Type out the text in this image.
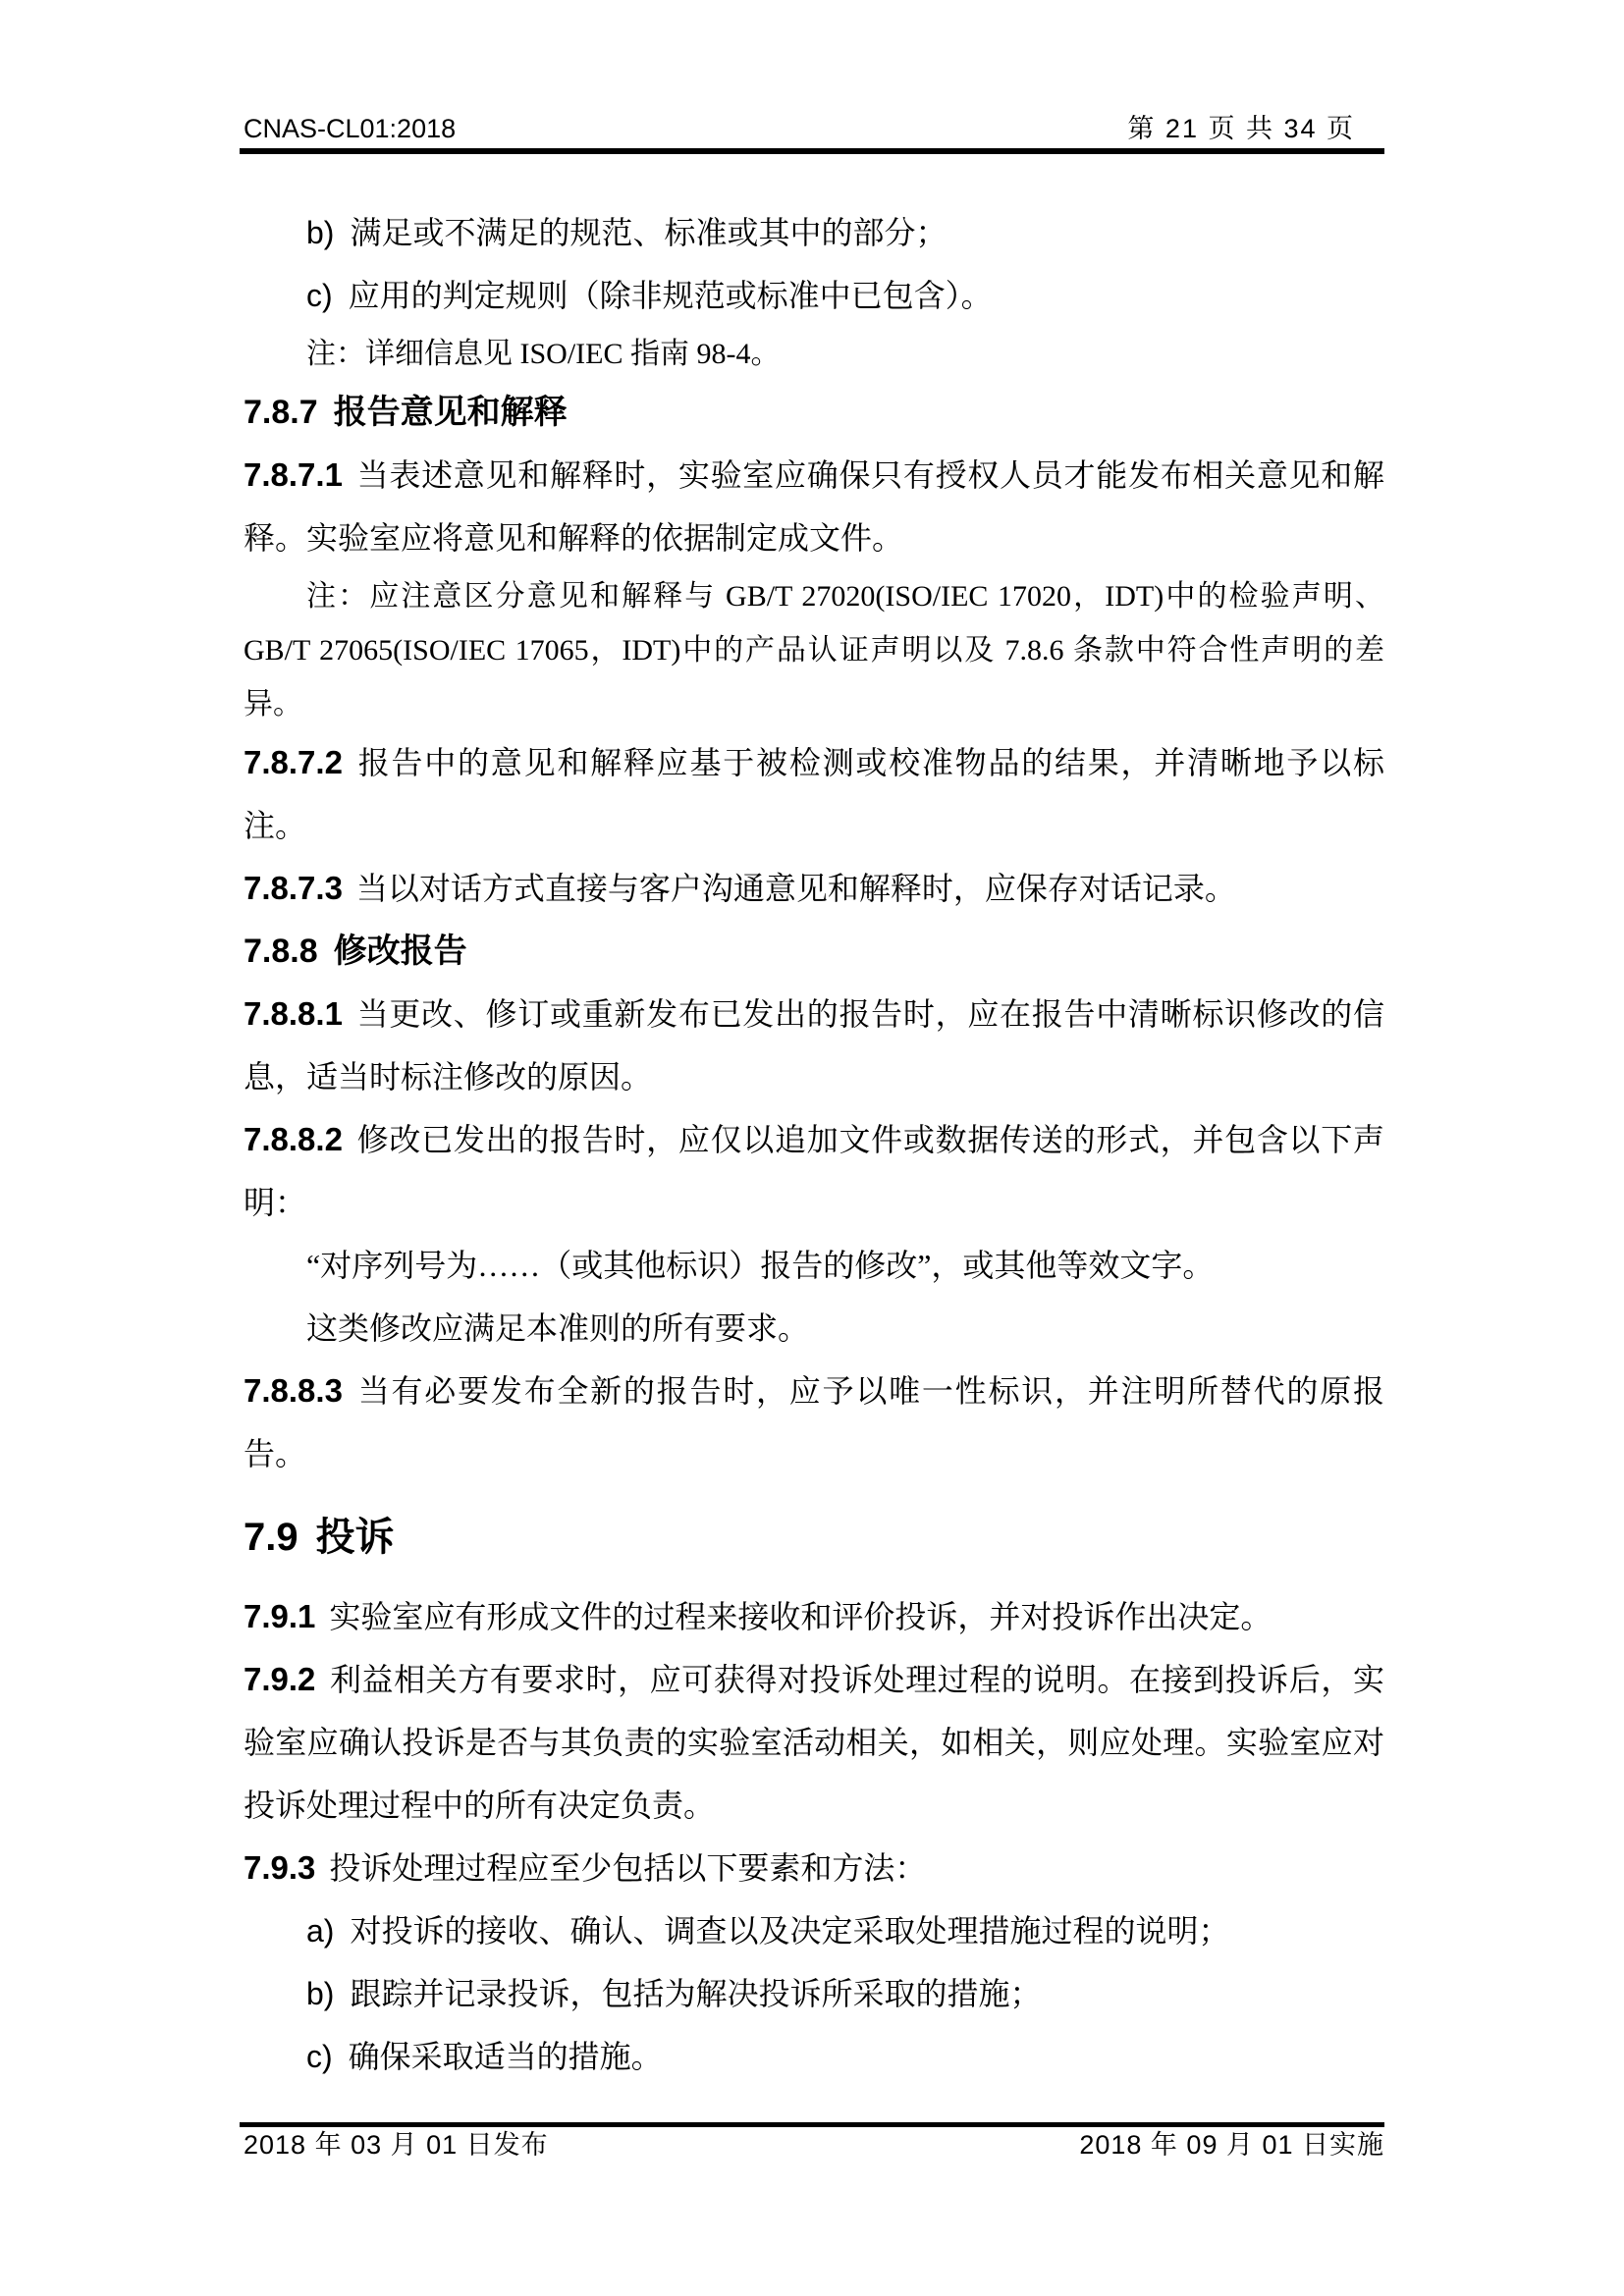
CNAS-CL01:2018	第 21 页 共 34 页
b) 满足或不满足的规范、标准或其中的部分；
c) 应用的判定规则（除非规范或标准中已包含）。
注：详细信息见 ISO/IEC 指南 98-4。
7.8.7 报告意见和解释
7.8.7.1 当表述意见和解释时，实验室应确保只有授权人员才能发布相关意见和解释。实验室应将意见和解释的依据制定成文件。
注：应注意区分意见和解释与 GB/T 27020(ISO/IEC 17020，IDT)中的检验声明、GB/T 27065(ISO/IEC 17065，IDT)中的产品认证声明以及 7.8.6 条款中符合性声明的差异。
7.8.7.2 报告中的意见和解释应基于被检测或校准物品的结果，并清晰地予以标注。
7.8.7.3 当以对话方式直接与客户沟通意见和解释时，应保存对话记录。
7.8.8 修改报告
7.8.8.1 当更改、修订或重新发布已发出的报告时，应在报告中清晰标识修改的信息，适当时标注修改的原因。
7.8.8.2 修改已发出的报告时，应仅以追加文件或数据传送的形式，并包含以下声明：
“对序列号为……（或其他标识）报告的修改”，或其他等效文字。
这类修改应满足本准则的所有要求。
7.8.8.3 当有必要发布全新的报告时，应予以唯一性标识，并注明所替代的原报告。
7.9 投诉
7.9.1 实验室应有形成文件的过程来接收和评价投诉，并对投诉作出决定。
7.9.2 利益相关方有要求时，应可获得对投诉处理过程的说明。在接到投诉后，实验室应确认投诉是否与其负责的实验室活动相关，如相关，则应处理。实验室应对投诉处理过程中的所有决定负责。
7.9.3 投诉处理过程应至少包括以下要素和方法：
a) 对投诉的接收、确认、调查以及决定采取处理措施过程的说明；
b) 跟踪并记录投诉，包括为解决投诉所采取的措施；
c) 确保采取适当的措施。
2018 年 03 月 01 日发布	2018 年 09 月 01 日实施
